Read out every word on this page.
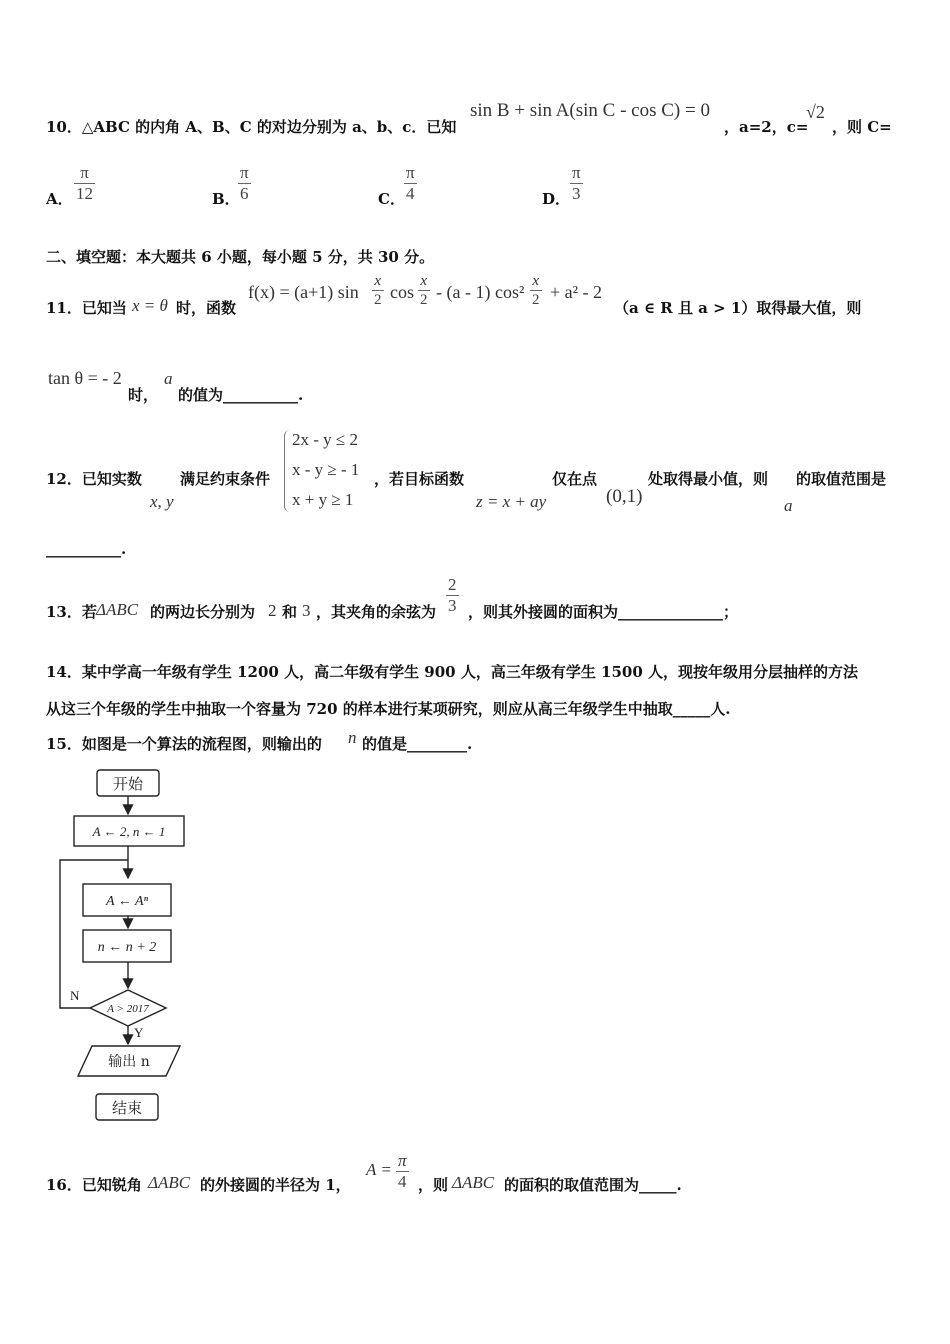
10．△ABC 的内角 A、B、C 的对边分别为 a、b、c．已知
sin B + sin A(sin C - cos C) = 0
，a=2，c=
√2
，则 C=
A． $\frac{\pi}{12}$	B．
$\frac{\pi}{6}$	C． $\frac{\pi}{4}$	D． $\frac{\pi}{3}$
二、填空题：本大题共 6 小题，每小题 5 分，共 30 分。
11．已知当 x = θ 时，函数
f(x) = (a+1) $\sin \frac{x}{2}$ $\cos \frac{x}{2} - (a - 1)$ $\cos^2 \frac{x}{2} + a^2 - 2$
（a ∈ R 且 a > 1）取得最大值，则
tan θ = - 2
时，
a
的值为__________.
12．已知实数
x, y
满足约束条件
2x - y ≤ 2
x - y ≥ - 1
x + y ≥ 1
，若目标函数
z = x + ay
仅在点
(0,1)
处取得最小值，则
a
的取值范围是
__________.
13．若 ΔABC 的两边长分别为 2 和 3 ，其夹角的余弦为 $\frac{2}{3}$ ，则其外接圆的面积为______________；
14．某中学高一年级有学生 1200 人，高二年级有学生 900 人，高三年级有学生 1500 人，现按年级用分层抽样的方法
从这三个年级的学生中抽取一个容量为 720 的样本进行某项研究，则应从高三年级学生中抽取_____人.
15．如图是一个算法的流程图，则输出的 n 的值是________.
开始
A ← 2, n ← 1
A ← Aⁿ
n ← n + 2
A > 2017
N
Y
输出 n
结束
16．已知锐角 ΔABC 的外接圆的半径为 1，
$A = \frac{\pi}{4}$ ，则 ΔABC 的面积的取值范围为_____.
